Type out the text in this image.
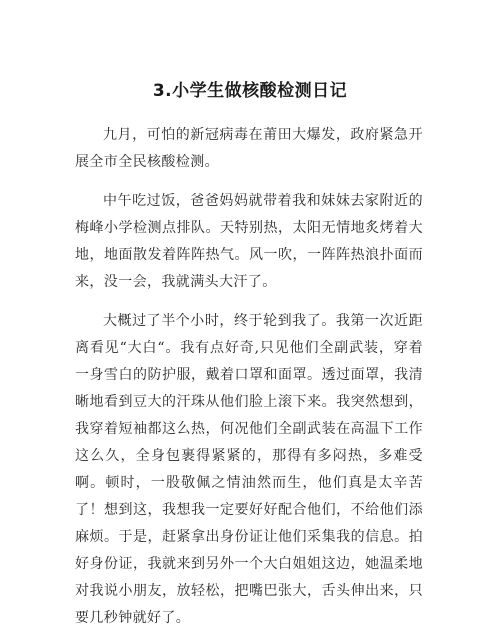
3.小学生做核酸检测日记

九月，可怕的新冠病毒在莆田大爆发，政府紧急开展全市全民核酸检测。

中午吃过饭，爸爸妈妈就带着我和妹妹去家附近的梅峰小学检测点排队。天特别热，太阳无情地炙烤着大地，地面散发着阵阵热气。风一吹，一阵阵热浪扑面而来，没一会，我就满头大汗了。

大概过了半个小时，终于轮到我了。我第一次近距离看见“大白“。我有点好奇,只见他们全副武装，穿着一身雪白的防护服，戴着口罩和面罩。透过面罩，我清晰地看到豆大的汗珠从他们脸上滚下来。我突然想到，我穿着短袖都这么热，何况他们全副武装在高温下工作这么久，全身包裹得紧紧的，那得有多闷热，多难受啊。顿时，一股敬佩之情油然而生，他们真是太辛苦了！想到这，我想我一定要好好配合他们，不给他们添麻烦。于是，赶紧拿出身份证让他们采集我的信息。拍好身份证，我就来到另外一个大白姐姐这边，她温柔地对我说小朋友，放轻松，把嘴巴张大，舌头伸出来，只要几秒钟就好了。
